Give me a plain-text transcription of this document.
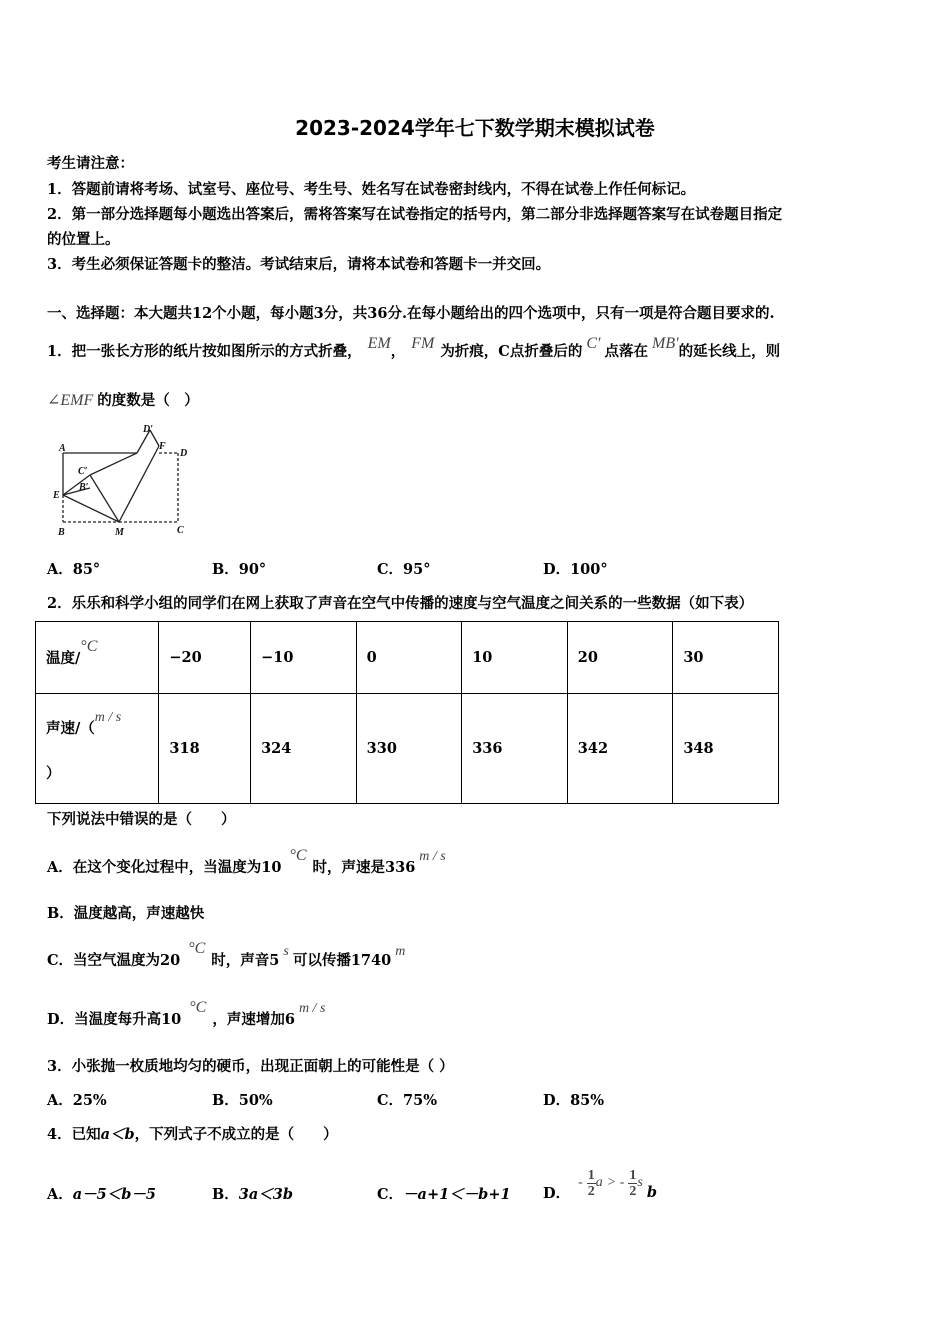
2023-2024学年七下数学期末模拟试卷
考生请注意：
1．答题前请将考场、试室号、座位号、考生号、姓名写在试卷密封线内，不得在试卷上作任何标记。
2．第一部分选择题每小题选出答案后，需将答案写在试卷指定的括号内，第二部分非选择题答案写在试卷题目指定
的位置上。
3．考生必须保证答题卡的整洁。考试结束后，请将本试卷和答题卡一并交回。
一、选择题：本大题共12个小题，每小题3分，共36分.在每小题给出的四个选项中，只有一项是符合题目要求的.
1．把一张长方形的纸片按如图所示的方式折叠， EM， FM 为折痕，C点折叠后的 C′ 点落在 MB′的延长线上，则
∠EMF 的度数是（　）
A
D′
F
D
C′
B′
E
B	M	C
A．85°	B．90°	C．95°	D．100°
2．乐乐和科学小组的同学们在网上获取了声音在空气中传播的速度与空气温度之间关系的一些数据（如下表）
温度/°C	−20	−10	0	10	20	30
声速/（m / s

）	318	324	330	336	342	348
下列说法中错误的是（　　）
A．在这个变化过程中，当温度为10°C时，声速是336m / s
B．温度越高，声速越快
C．当空气温度为20°C时，声音5s可以传播1740m
D．当温度每升高10°C，声速增加6m / s
3．小张抛一枚质地均匀的硬币，出现正面朝上的可能性是（ ）
A．25%	B．50%	C．75%	D．85%
4．已知a＜b，下列式子不成立的是（　　）
A．a－5＜b－5	B．3a＜3b	C．－a+1＜－b+1 D．
- $\frac{1}{2}$ a > - $\frac{1}{2}$ s
b
